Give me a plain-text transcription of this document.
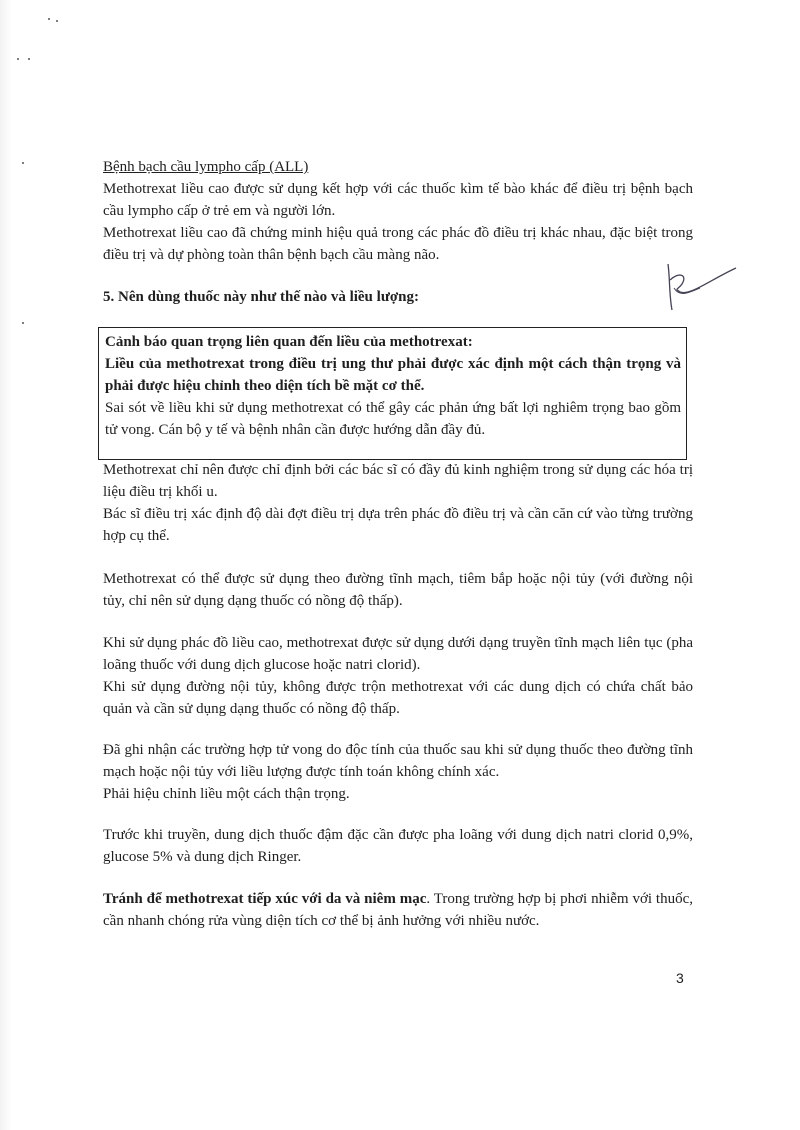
Bệnh bạch cầu lympho cấp (ALL)

Methotrexat liều cao được sử dụng kết hợp với các thuốc kìm tế bào khác để điều trị bệnh bạch cầu lympho cấp ở trẻ em và người lớn.

Methotrexat liều cao đã chứng minh hiệu quả trong các phác đồ điều trị khác nhau, đặc biệt trong điều trị và dự phòng toàn thân bệnh bạch cầu màng não.

5. Nên dùng thuốc này như thế nào và liều lượng:

Cảnh báo quan trọng liên quan đến liều của methotrexat:

Liều của methotrexat trong điều trị ung thư phải được xác định một cách thận trọng và phải được hiệu chỉnh theo diện tích bề mặt cơ thể.

Sai sót về liều khi sử dụng methotrexat có thể gây các phản ứng bất lợi nghiêm trọng bao gồm tử vong. Cán bộ y tế và bệnh nhân cần được hướng dẫn đầy đủ.

Methotrexat chỉ nên được chỉ định bởi các bác sĩ có đầy đủ kinh nghiệm trong sử dụng các hóa trị liệu điều trị khối u.

Bác sĩ điều trị xác định độ dài đợt điều trị dựa trên phác đồ điều trị và cần căn cứ vào từng trường hợp cụ thể.

Methotrexat có thể được sử dụng theo đường tĩnh mạch, tiêm bắp hoặc nội tủy (với đường nội tủy, chỉ nên sử dụng dạng thuốc có nồng độ thấp).

Khi sử dụng phác đồ liều cao, methotrexat được sử dụng dưới dạng truyền tĩnh mạch liên tục (pha loãng thuốc với dung dịch glucose hoặc natri clorid).

Khi sử dụng đường nội tủy, không được trộn methotrexat với các dung dịch có chứa chất bảo quản và cần sử dụng dạng thuốc có nồng độ thấp.

Đã ghi nhận các trường hợp tử vong do độc tính của thuốc sau khi sử dụng thuốc theo đường tĩnh mạch hoặc nội tủy với liều lượng được tính toán không chính xác.

Phải hiệu chỉnh liều một cách thận trọng.

Trước khi truyền, dung dịch thuốc đậm đặc cần được pha loãng với dung dịch natri clorid 0,9%, glucose 5% và dung dịch Ringer.

Tránh để methotrexat tiếp xúc với da và niêm mạc. Trong trường hợp bị phơi nhiễm với thuốc, cần nhanh chóng rửa vùng diện tích cơ thể bị ảnh hưởng với nhiều nước.

3
